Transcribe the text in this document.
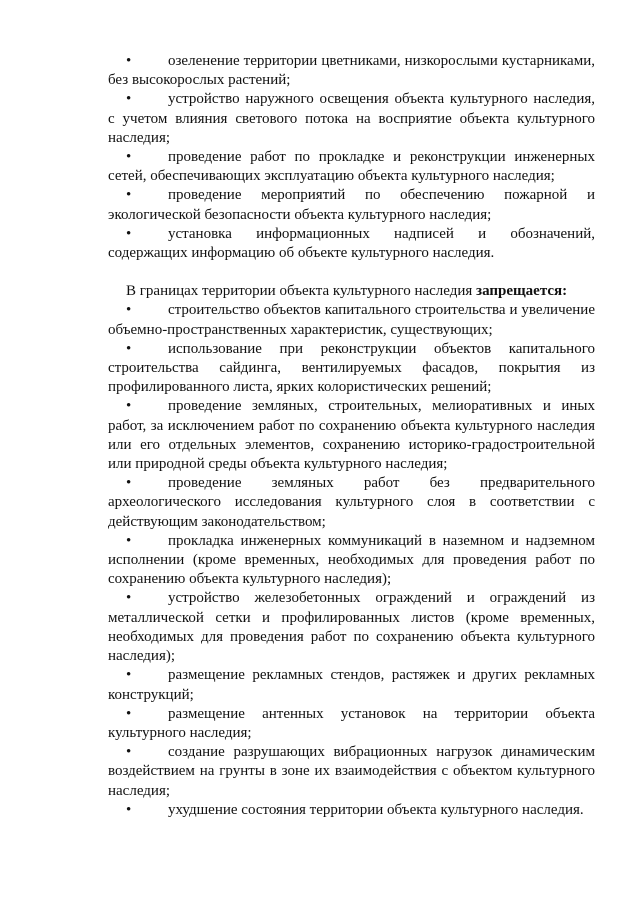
• озеленение территории цветниками, низкорослыми кустарниками, без высокорослых растений;

• устройство наружного освещения объекта культурного наследия, с учетом влияния светового потока на восприятие объекта культурного наследия;

• проведение работ по прокладке и реконструкции инженерных сетей, обеспечивающих эксплуатацию объекта культурного наследия;

• проведение мероприятий по обеспечению пожарной и экологической безопасности объекта культурного наследия;

• установка информационных надписей и обозначений, содержащих информацию об объекте культурного наследия.

В границах территории объекта культурного наследия запрещается:

• строительство объектов капитального строительства и увеличение объемно-пространственных характеристик, существующих;

• использование при реконструкции объектов капитального строительства сайдинга, вентилируемых фасадов, покрытия из профилированного листа, ярких колористических решений;

• проведение земляных, строительных, мелиоративных и иных работ, за исключением работ по сохранению объекта культурного наследия или его отдельных элементов, сохранению историко-градостроительной или природной среды объекта культурного наследия;

• проведение земляных работ без предварительного археологического исследования культурного слоя в соответствии с действующим законодательством;

• прокладка инженерных коммуникаций в наземном и надземном исполнении (кроме временных, необходимых для проведения работ по сохранению объекта культурного наследия);

• устройство железобетонных ограждений и ограждений из металлической сетки и профилированных листов (кроме временных, необходимых для проведения работ по сохранению объекта культурного наследия);

• размещение рекламных стендов, растяжек и других рекламных конструкций;

• размещение антенных установок на территории объекта культурного наследия;

• создание разрушающих вибрационных нагрузок динамическим воздействием на грунты в зоне их взаимодействия с объектом культурного наследия;

• ухудшение состояния территории объекта культурного наследия.
